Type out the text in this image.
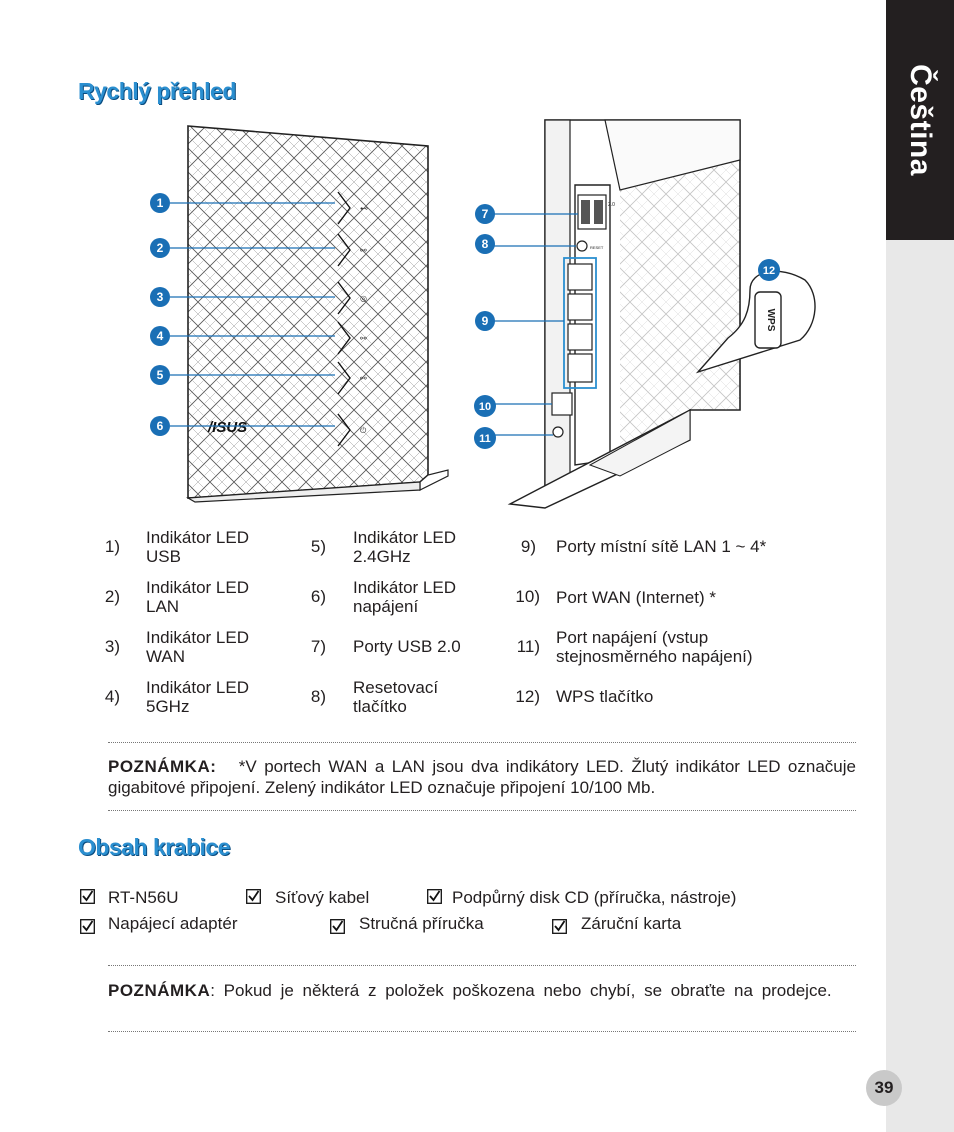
Čeština
Rychlý přehled
⊷
⚯
◎
⚯
⚯
⏻
/ISUS
2.0
RESET
WPS
1
2
3
4
5
6
7
8
9
10
11
12
1) Indikátor LED USB
2) Indikátor LED LAN
3) Indikátor LED WAN
4) Indikátor LED 5GHz
5) Indikátor LED 2.4GHz
6) Indikátor LED napájení
7) Porty USB 2.0
8) Resetovací tlačítko
9) Porty místní sítě LAN 1 ~ 4*
10) Port WAN (Internet) *
11) Port napájení (vstup stejnosměrného napájení)
12) WPS tlačítko
POZNÁMKA: *V portech WAN a LAN jsou dva indikátory LED. Žlutý indikátor LED označuje gigabitové připojení. Zelený indikátor LED označuje připojení 10/100 Mb.
Obsah krabice
RT-N56U	Síťový kabel	Podpůrný disk CD (příručka, nástroje)
Napájecí adaptér	Stručná příručka	Záruční karta
POZNÁMKA: Pokud je některá z položek poškozena nebo chybí, se obraťte na prodejce.
39
